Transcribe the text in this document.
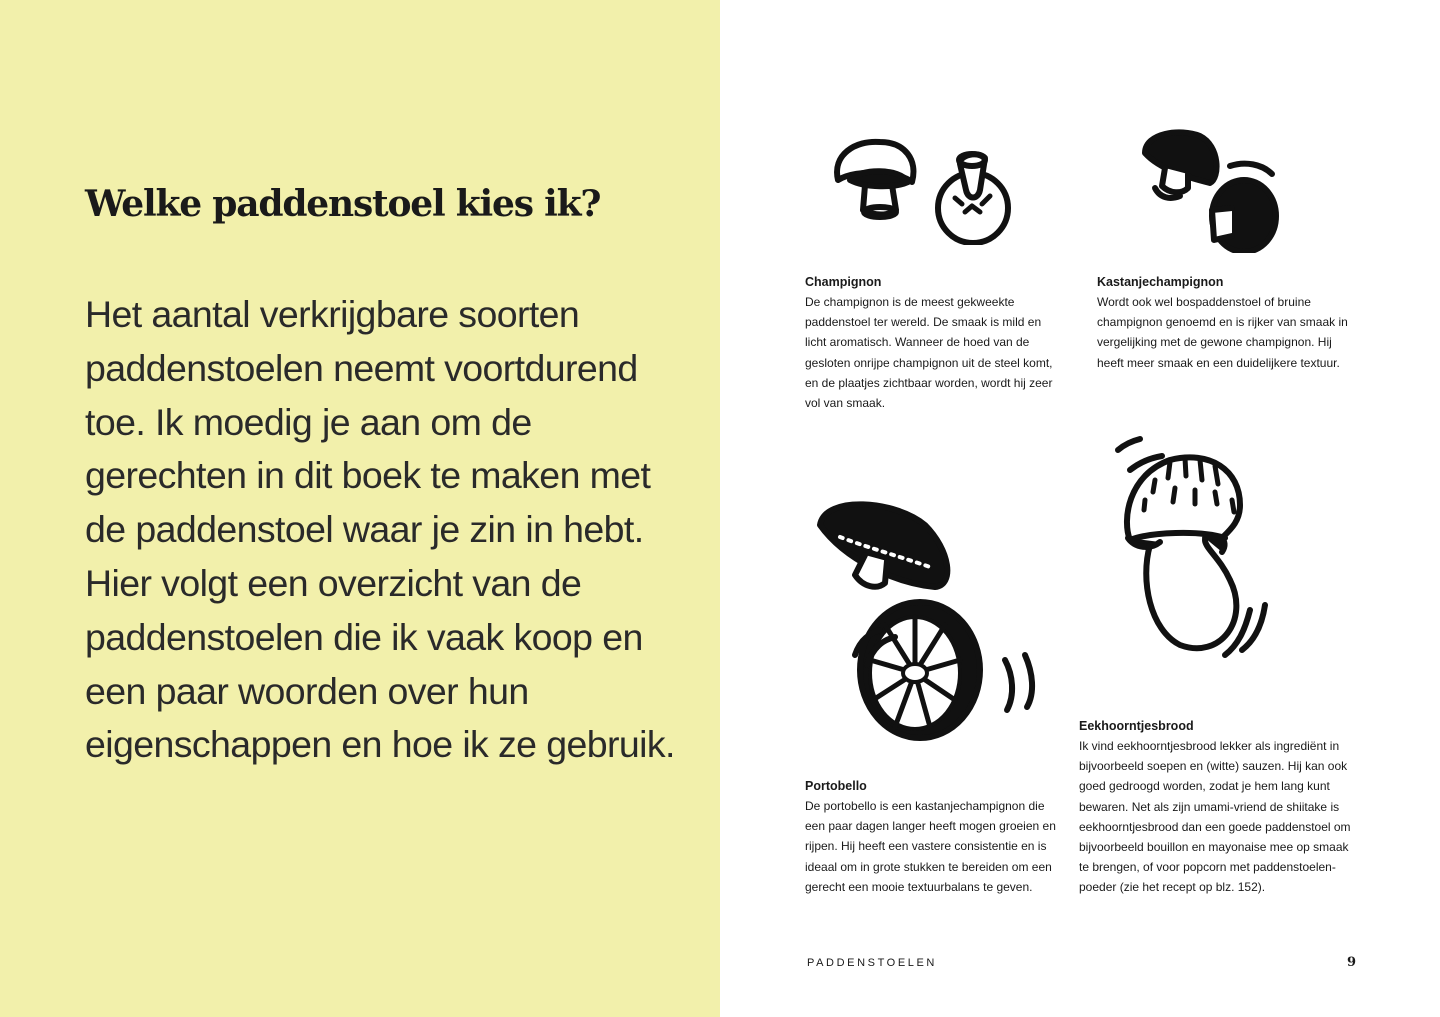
Welke paddenstoel kies ik?

Het aantal verkrijgbare soorten paddenstoelen neemt voortdurend toe. Ik moedig je aan om de gerechten in dit boek te maken met de paddenstoel waar je zin in hebt. Hier volgt een overzicht van de paddenstoelen die ik vaak koop en een paar woorden over hun eigenschappen en hoe ik ze gebruik.

Champignon

De champignon is de meest gekweekte paddenstoel ter wereld. De smaak is mild en licht aromatisch. Wanneer de hoed van de gesloten onrijpe champignon uit de steel komt, en de plaatjes zichtbaar worden, wordt hij zeer vol van smaak.

Kastanjechampignon

Wordt ook wel bospaddenstoel of bruine champignon genoemd en is rijker van smaak in vergelijking met de gewone champignon. Hij heeft meer smaak en een duidelijkere textuur.

Portobello

De portobello is een kastanjechampignon die een paar dagen langer heeft mogen groeien en rijpen. Hij heeft een vastere consistentie en is ideaal om in grote stukken te bereiden om een gerecht een mooie textuurbalans te geven.

Eekhoorntjesbrood

Ik vind eekhoorntjesbrood lekker als ingrediënt in bijvoorbeeld soepen en (witte) sauzen. Hij kan ook goed gedroogd worden, zodat je hem lang kunt bewaren. Net als zijn umami-vriend de shiitake is eekhoorntjesbrood dan een goede paddenstoel om bijvoorbeeld bouillon en mayonaise mee op smaak te brengen, of voor popcorn met paddenstoelen-poeder (zie het recept op blz. 152).

PADDENSTOELEN	9
